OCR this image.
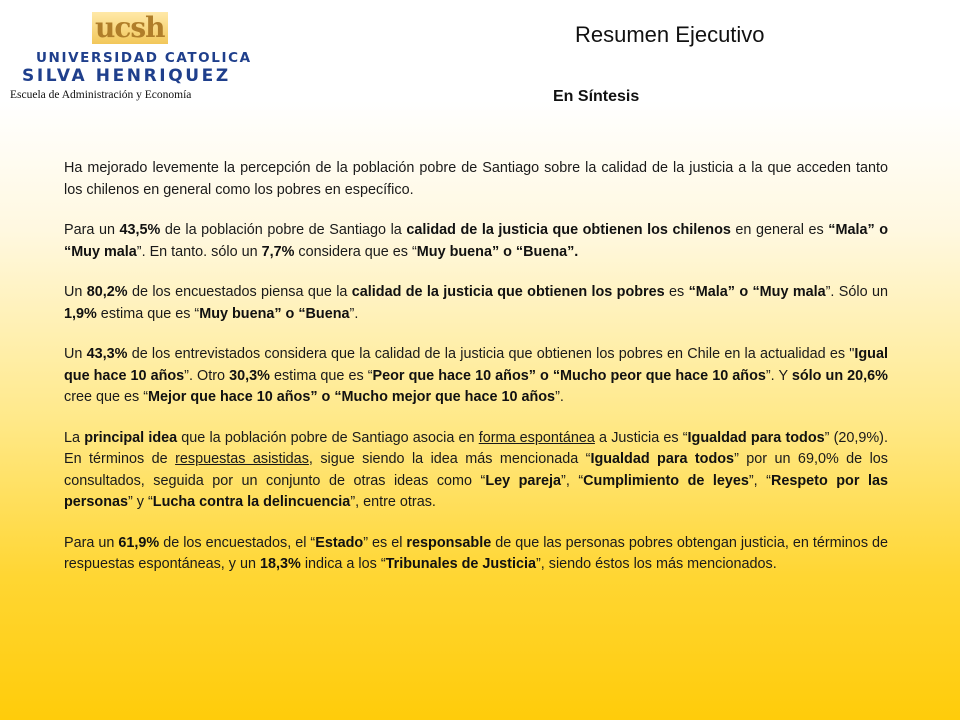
ucsh
UNIVERSIDAD CATOLICA
SILVA HENRIQUEZ
Escuela de Administración y Economía
Resumen Ejecutivo
En Síntesis

Ha mejorado levemente la percepción de la población pobre de Santiago sobre la calidad de la justicia a la que acceden tanto los chilenos en general como los pobres en específico.

Para un 43,5% de la población pobre de Santiago la calidad de la justicia que obtienen los chilenos en general es “Mala” o “Muy mala”. En tanto. sólo un 7,7% considera que es “Muy buena” o “Buena”.

Un 80,2% de los encuestados piensa que la calidad de la justicia que obtienen los pobres es “Mala” o “Muy mala”. Sólo un 1,9% estima que es “Muy buena” o “Buena”.

Un 43,3% de los entrevistados considera que la calidad de la justicia que obtienen los pobres en Chile en la actualidad es "Igual que hace 10 años”. Otro 30,3% estima que es “Peor que hace 10 años” o “Mucho peor que hace 10 años”. Y sólo un 20,6% cree que es “Mejor que hace 10 años” o “Mucho mejor que hace 10 años”.

La principal idea que la población pobre de Santiago asocia en forma espontánea a Justicia es “Igualdad para todos” (20,9%). En términos de respuestas asistidas, sigue siendo la idea más mencionada “Igualdad para todos” por un 69,0% de los consultados, seguida por un conjunto de otras ideas como “Ley pareja”, “Cumplimiento de leyes”, “Respeto por las personas” y “Lucha contra la delincuencia”, entre otras.

Para un 61,9% de los encuestados, el “Estado” es el responsable de que las personas pobres obtengan justicia, en términos de respuestas espontáneas, y un 18,3% indica a los “Tribunales de Justicia”, siendo éstos los más mencionados.
